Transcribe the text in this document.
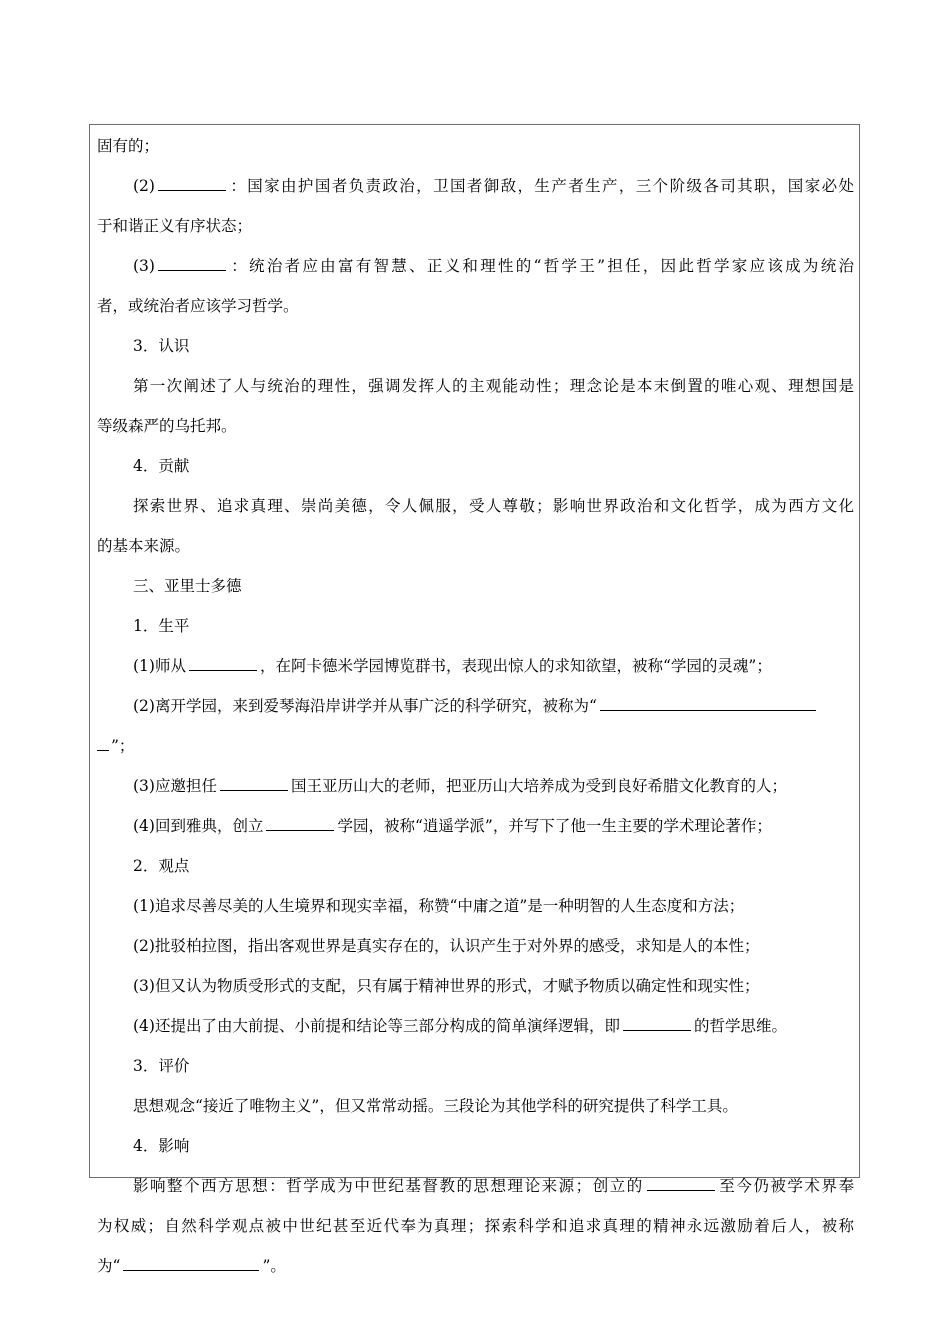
固有的；
(2)	：国家由护国者负责政治，卫国者御敌，生产者生产，三个阶级各司其职，国家必处
于和谐正义有序状态；
(3)	：统治者应由富有智慧、正义和理性的“哲学王”担任，因此哲学家应该成为统治
者，或统治者应该学习哲学。
3．认识
第一次阐述了人与统治的理性，强调发挥人的主观能动性；理念论是本末倒置的唯心观、理想国是
等级森严的乌托邦。
4．贡献
探索世界、追求真理、崇尚美德，令人佩服，受人尊敬；影响世界政治和文化哲学，成为西方文化
的基本来源。
三、亚里士多德
1．生平
(1)师从	，在阿卡德米学园博览群书，表现出惊人的求知欲望，被称“学园的灵魂”；
(2)离开学园，来到爱琴海沿岸讲学并从事广泛的科学研究，被称为“
”；
(3)应邀担任	国王亚历山大的老师，把亚历山大培养成为受到良好希腊文化教育的人；
(4)回到雅典，创立	学园，被称“逍遥学派”，并写下了他一生主要的学术理论著作；
2．观点
(1)追求尽善尽美的人生境界和现实幸福，称赞“中庸之道”是一种明智的人生态度和方法；
(2)批驳柏拉图，指出客观世界是真实存在的，认识产生于对外界的感受，求知是人的本性；
(3)但又认为物质受形式的支配，只有属于精神世界的形式，才赋予物质以确定性和现实性；
(4)还提出了由大前提、小前提和结论等三部分构成的简单演绎逻辑，即	的哲学思维。
3．评价
思想观念“接近了唯物主义”，但又常常动摇。三段论为其他学科的研究提供了科学工具。
4．影响
影响整个西方思想：哲学成为中世纪基督教的思想理论来源；创立的	至今仍被学术界奉
为权威；自然科学观点被中世纪甚至近代奉为真理；探索科学和追求真理的精神永远激励着后人，被称
为“	”。
